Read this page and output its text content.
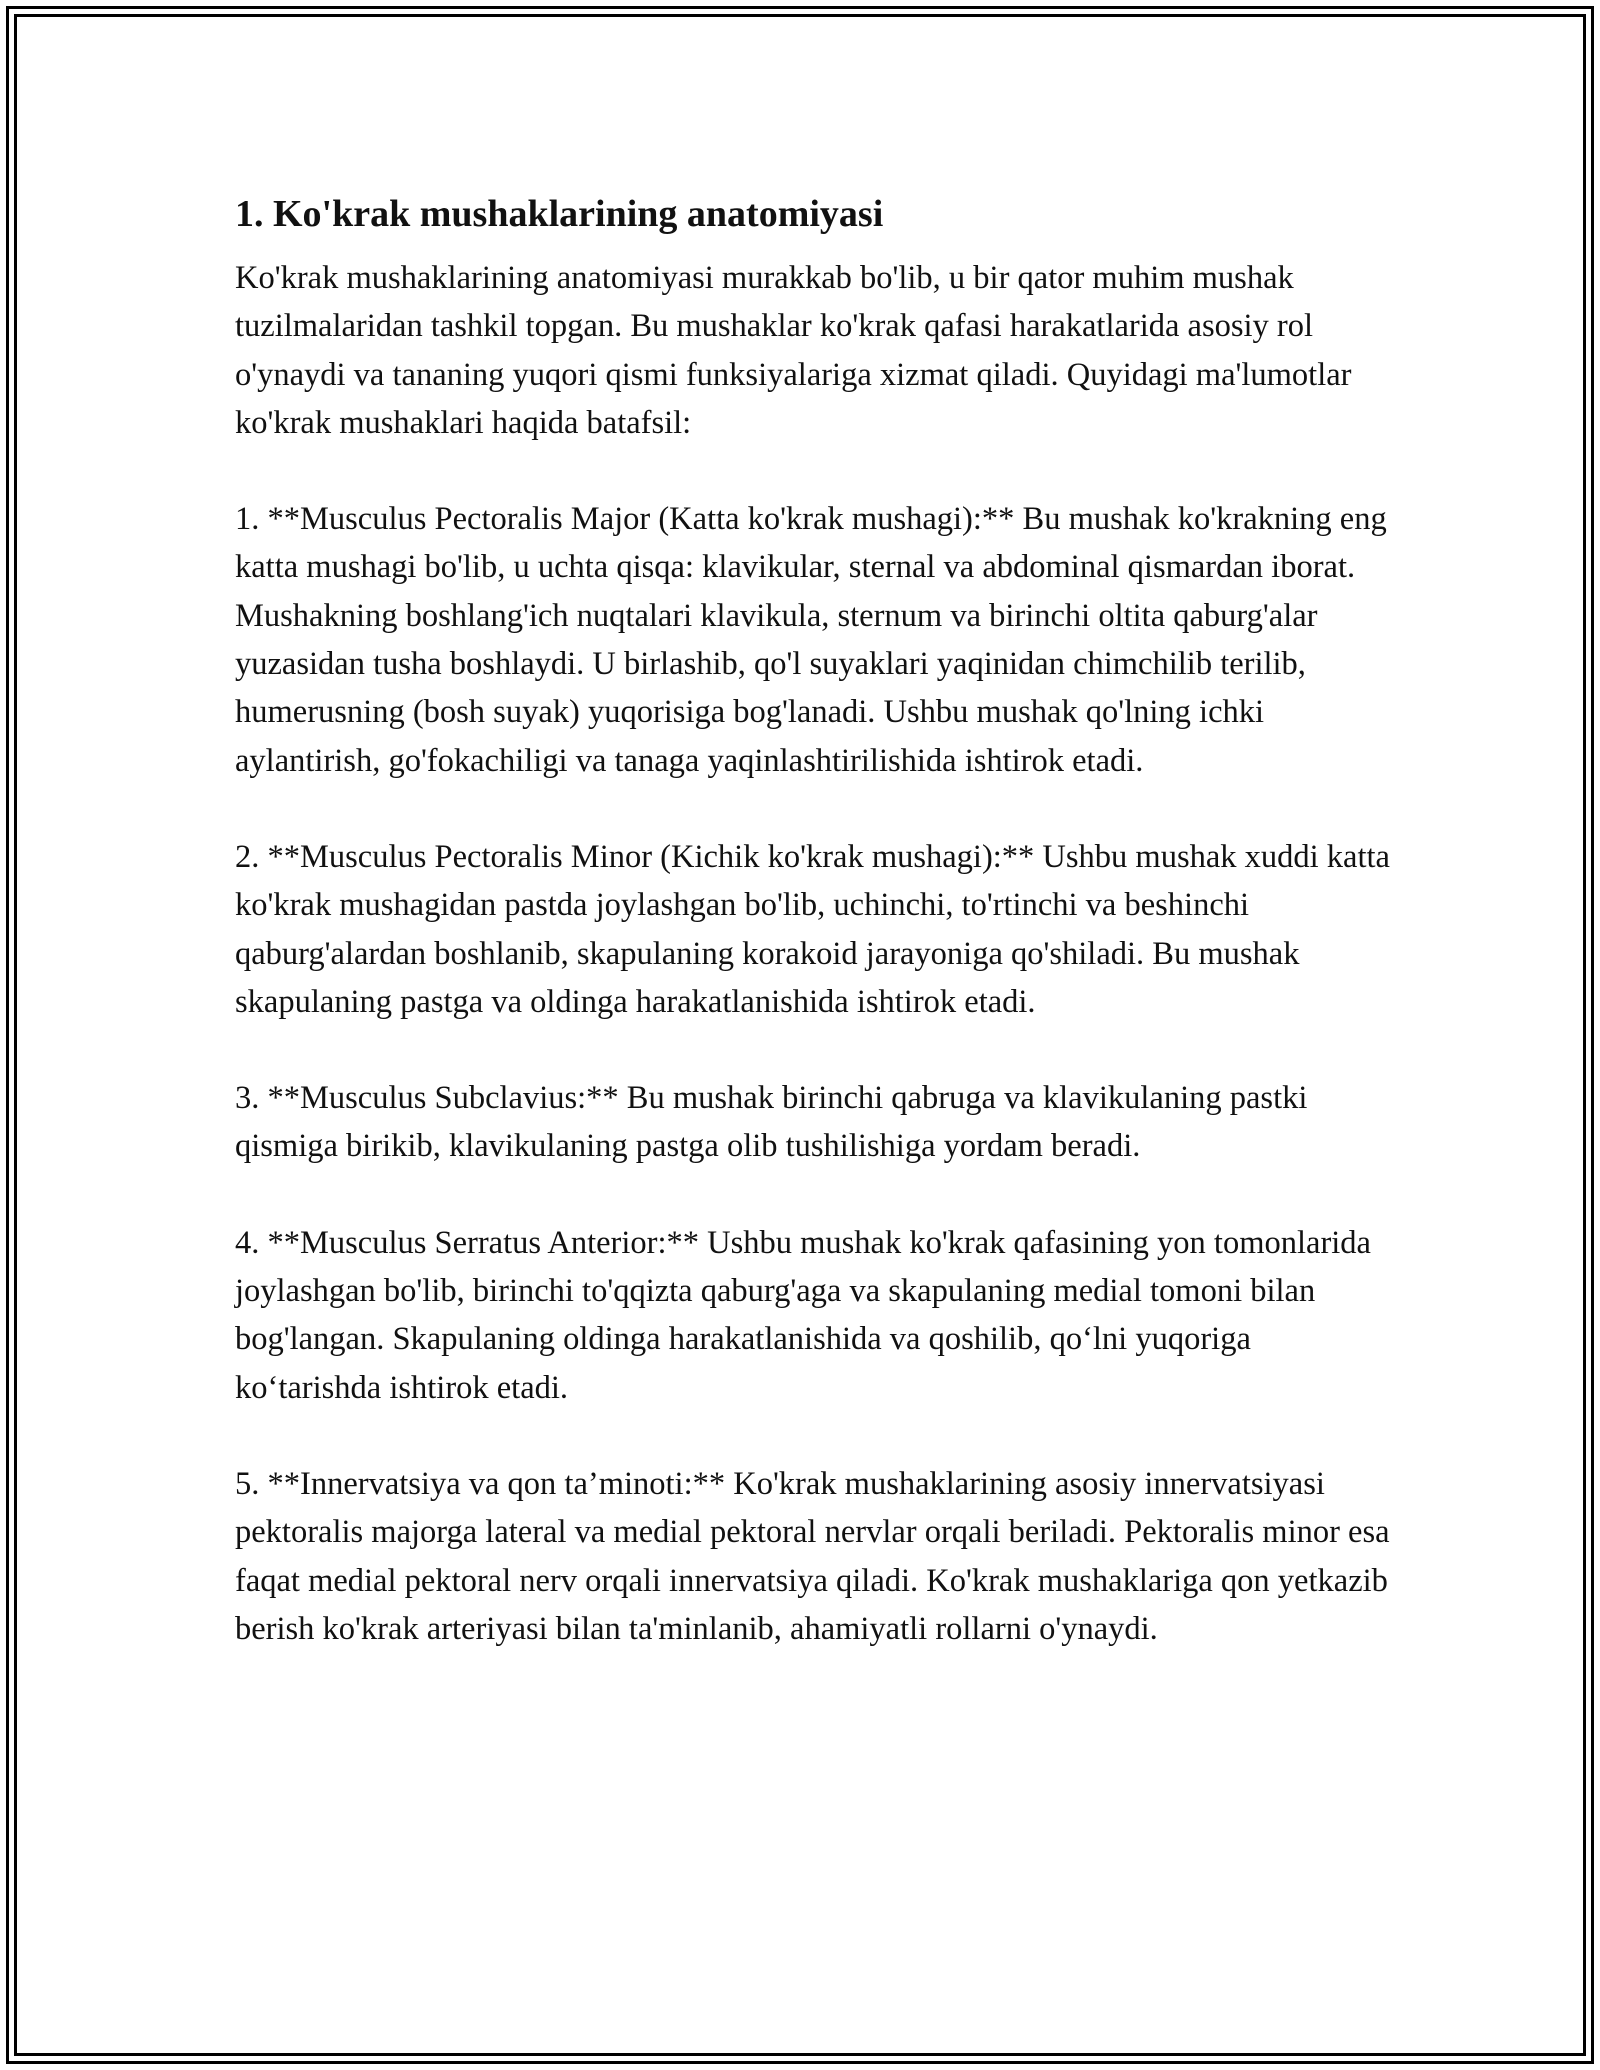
1. Ko'krak mushaklarining anatomiyasi

Ko'krak mushaklarining anatomiyasi murakkab bo'lib, u bir qator muhim mushak tuzilmalaridan tashkil topgan. Bu mushaklar ko'krak qafasi harakatlarida asosiy rol o'ynaydi va tananing yuqori qismi funksiyalariga xizmat qiladi. Quyidagi ma'lumotlar ko'krak mushaklari haqida batafsil:

1. **Musculus Pectoralis Major (Katta ko'krak mushagi):** Bu mushak ko'krakning eng katta mushagi bo'lib, u uchta qisqa: klavikular, sternal va abdominal qismardan iborat. Mushakning boshlang'ich nuqtalari klavikula, sternum va birinchi oltita qaburg'alar yuzasidan tusha boshlaydi. U birlashib, qo'l suyaklari yaqinidan chimchilib terilib, humerusning (bosh suyak) yuqorisiga bog'lanadi. Ushbu mushak qo'lning ichki aylantirish, go'fokachiligi va tanaga yaqinlashtirilishida ishtirok etadi.

2. **Musculus Pectoralis Minor (Kichik ko'krak mushagi):** Ushbu mushak xuddi katta ko'krak mushagidan pastda joylashgan bo'lib, uchinchi, to'rtinchi va beshinchi qaburg'alardan boshlanib, skapulaning korakoid jarayoniga qo'shiladi. Bu mushak skapulaning pastga va oldinga harakatlanishida ishtirok etadi.

3. **Musculus Subclavius:** Bu mushak birinchi qabruga va klavikulaning pastki qismiga birikib, klavikulaning pastga olib tushilishiga yordam beradi.

4. **Musculus Serratus Anterior:** Ushbu mushak ko'krak qafasining yon tomonlarida joylashgan bo'lib, birinchi to'qqizta qaburg'aga va skapulaning medial tomoni bilan bog'langan. Skapulaning oldinga harakatlanishida va qoshilib, qo‘lni yuqoriga ko‘tarishda ishtirok etadi.

5. **Innervatsiya va qon ta’minoti:** Ko'krak mushaklarining asosiy innervatsiyasi pektoralis majorga lateral va medial pektoral nervlar orqali beriladi. Pektoralis minor esa faqat medial pektoral nerv orqali innervatsiya qiladi. Ko'krak mushaklariga qon yetkazib berish ko'krak arteriyasi bilan ta'minlanib, ahamiyatli rollarni o'ynaydi.
